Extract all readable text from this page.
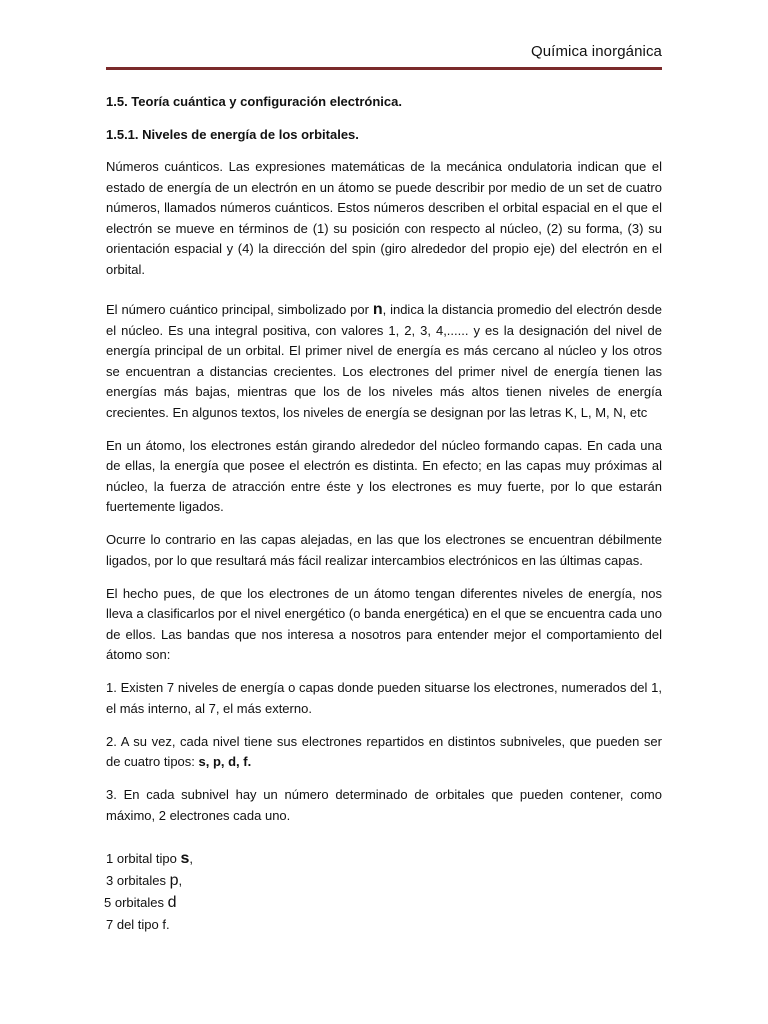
Química inorgánica
1.5. Teoría cuántica y configuración electrónica.
1.5.1. Niveles de energía de los orbitales.
Números cuánticos. Las expresiones matemáticas de la mecánica ondulatoria indican que el estado de energía de un electrón en un átomo se puede describir por medio de un set de cuatro números, llamados números cuánticos. Estos números describen el orbital espacial en el que el electrón se mueve en términos de (1) su posición con respecto al núcleo, (2) su forma, (3) su orientación espacial y (4) la dirección del spin (giro alrededor del propio eje) del electrón en el orbital.
El número cuántico principal, simbolizado por n, indica la distancia promedio del electrón desde el núcleo. Es una integral positiva, con valores 1, 2, 3, 4,...... y es la designación del nivel de energía principal de un orbital. El primer nivel de energía es más cercano al núcleo y los otros se encuentran a distancias crecientes. Los electrones del primer nivel de energía tienen las energías más bajas, mientras que los de los niveles más altos tienen niveles de energía crecientes. En algunos textos, los niveles de energía se designan por las letras K, L, M, N, etc
En un átomo, los electrones están girando alrededor del núcleo formando capas. En cada una de ellas, la energía que posee el electrón es distinta. En efecto; en las capas muy próximas al núcleo, la fuerza de atracción entre éste y los electrones es muy fuerte, por lo que estarán fuertemente ligados.
Ocurre lo contrario en las capas alejadas, en las que los electrones se encuentran débilmente ligados, por lo que resultará más fácil realizar intercambios electrónicos en las últimas capas.
El hecho pues, de que los electrones de un átomo tengan diferentes niveles de energía, nos lleva a clasificarlos por el nivel energético (o banda energética) en el que se encuentra cada uno de ellos. Las bandas que nos interesa a nosotros para entender mejor el comportamiento del átomo son:
1. Existen 7 niveles de energía o capas donde pueden situarse los electrones, numerados del 1, el más interno, al 7, el más externo.
2. A su vez, cada nivel tiene sus electrones repartidos en distintos subniveles, que pueden ser de cuatro tipos: s, p, d, f.
3. En cada subnivel hay un número determinado de orbitales que pueden contener, como máximo, 2 electrones cada uno.
1 orbital tipo s,
3 orbitales p,
5 orbitales d
7 del tipo f.
